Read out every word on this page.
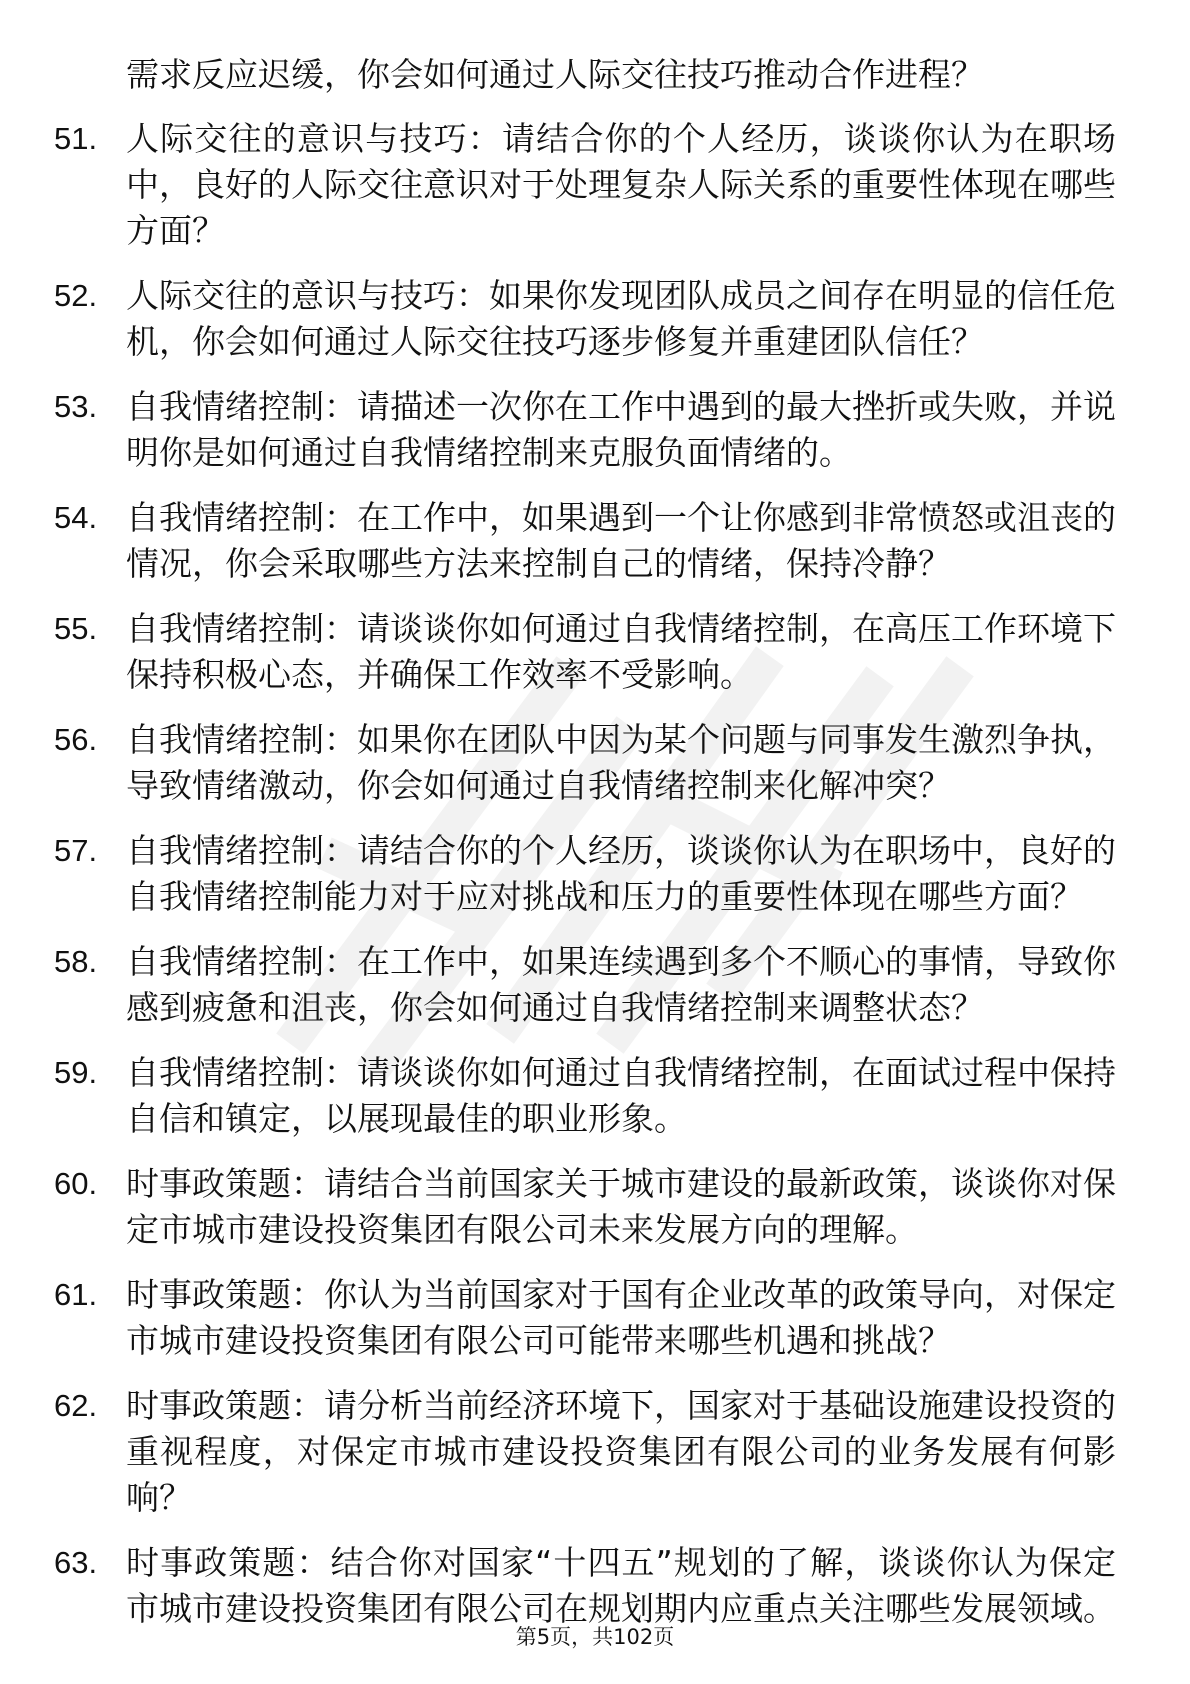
需求反应迟缓，你会如何通过人际交往技巧推动合作进程？
51. 人际交往的意识与技巧：请结合你的个人经历，谈谈你认为在职场中，良好的人际交往意识对于处理复杂人际关系的重要性体现在哪些方面？
52. 人际交往的意识与技巧：如果你发现团队成员之间存在明显的信任危机，你会如何通过人际交往技巧逐步修复并重建团队信任？
53. 自我情绪控制：请描述一次你在工作中遇到的最大挫折或失败，并说明你是如何通过自我情绪控制来克服负面情绪的。
54. 自我情绪控制：在工作中，如果遇到一个让你感到非常愤怒或沮丧的情况，你会采取哪些方法来控制自己的情绪，保持冷静？
55. 自我情绪控制：请谈谈你如何通过自我情绪控制，在高压工作环境下保持积极心态，并确保工作效率不受影响。
56. 自我情绪控制：如果你在团队中因为某个问题与同事发生激烈争执，导致情绪激动，你会如何通过自我情绪控制来化解冲突？
57. 自我情绪控制：请结合你的个人经历，谈谈你认为在职场中，良好的自我情绪控制能力对于应对挑战和压力的重要性体现在哪些方面？
58. 自我情绪控制：在工作中，如果连续遇到多个不顺心的事情，导致你感到疲惫和沮丧，你会如何通过自我情绪控制来调整状态？
59. 自我情绪控制：请谈谈你如何通过自我情绪控制，在面试过程中保持自信和镇定，以展现最佳的职业形象。
60. 时事政策题：请结合当前国家关于城市建设的最新政策，谈谈你对保定市城市建设投资集团有限公司未来发展方向的理解。
61. 时事政策题：你认为当前国家对于国有企业改革的政策导向，对保定市城市建设投资集团有限公司可能带来哪些机遇和挑战？
62. 时事政策题：请分析当前经济环境下，国家对于基础设施建设投资的重视程度，对保定市城市建设投资集团有限公司的业务发展有何影响？
63. 时事政策题：结合你对国家“十四五”规划的了解，谈谈你认为保定市城市建设投资集团有限公司在规划期内应重点关注哪些发展领域。
第5页，共102页
